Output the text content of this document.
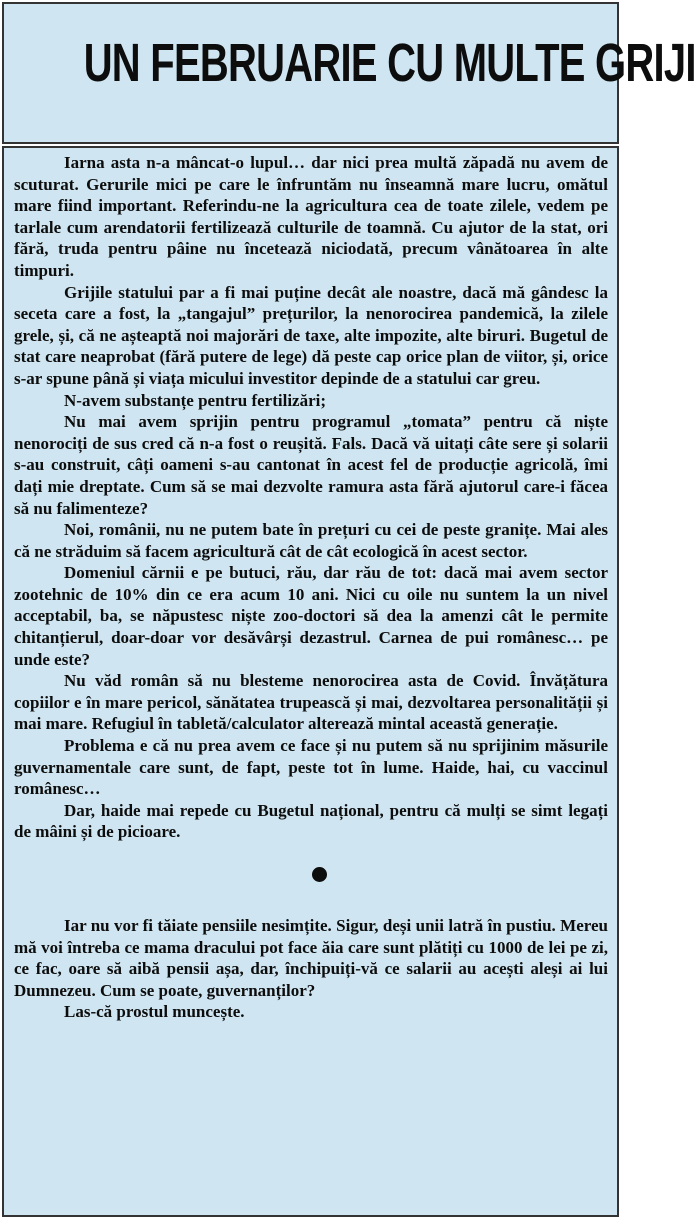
UN FEBRUARIE CU MULTE GRIJI

Iarna asta n-a mâncat-o lupul… dar nici prea multă zăpadă nu avem de scuturat. Gerurile mici pe care le înfruntăm nu înseamnă mare lucru, omătul mare fiind important. Referindu-ne la agricultura cea de toate zilele, vedem pe tarlale cum arendatorii fertilizează culturile de toamnă. Cu ajutor de la stat, ori fără, truda pentru pâine nu încetează niciodată, precum vânătoarea în alte timpuri.

Grijile statului par a fi mai puține decât ale noastre, dacă mă gândesc la seceta care a fost, la „tangajul” prețurilor, la nenorocirea pandemică, la zilele grele, și, că ne așteaptă noi majorări de taxe, alte impozite, alte biruri. Bugetul de stat care neaprobat (fără putere de lege) dă peste cap orice plan de viitor, și, orice s-ar spune până și viața micului investitor depinde de a statului car greu.

N-avem substanțe pentru fertilizări;

Nu mai avem sprijin pentru programul „tomata” pentru că niște nenorociți de sus cred că n-a fost o reușită. Fals. Dacă vă uitați câte sere și solarii s-au construit, câți oameni s-au cantonat în acest fel de producție agricolă, îmi dați mie dreptate. Cum să se mai dezvolte ramura asta fără ajutorul care-i făcea să nu falimenteze?

Noi, românii, nu ne putem bate în prețuri cu cei de peste granițe. Mai ales că ne străduim să facem agricultură cât de cât ecologică în acest sector.

Domeniul cărnii e pe butuci, rău, dar rău de tot: dacă mai avem sector zootehnic de 10% din ce era acum 10 ani. Nici cu oile nu suntem la un nivel acceptabil, ba, se năpustesc niște zoo-doctori să dea la amenzi cât le permite chitanțierul, doar-doar vor desăvârși dezastrul. Carnea de pui românesc… pe unde este?

Nu văd român să nu blesteme nenorocirea asta de Covid. Învățătura copiilor e în mare pericol, sănătatea trupească și mai, dezvoltarea personalității și mai mare. Refugiul în tabletă/calculator alterează mintal această generație.

Problema e că nu prea avem ce face și nu putem să nu sprijinim măsurile guvernamentale care sunt, de fapt, peste tot în lume. Haide, hai, cu vaccinul românesc…

Dar, haide mai repede cu Bugetul național, pentru că mulți se simt legați de mâini și de picioare.

Iar nu vor fi tăiate pensiile nesimțite. Sigur, deși unii latră în pustiu. Mereu mă voi întreba ce mama dracului pot face ăia care sunt plătiți cu 1000 de lei pe zi, ce fac, oare să aibă pensii așa, dar, închipuiți-vă ce salarii au acești aleși ai lui Dumnezeu. Cum se poate, guvernanților?

Las-că prostul muncește.
